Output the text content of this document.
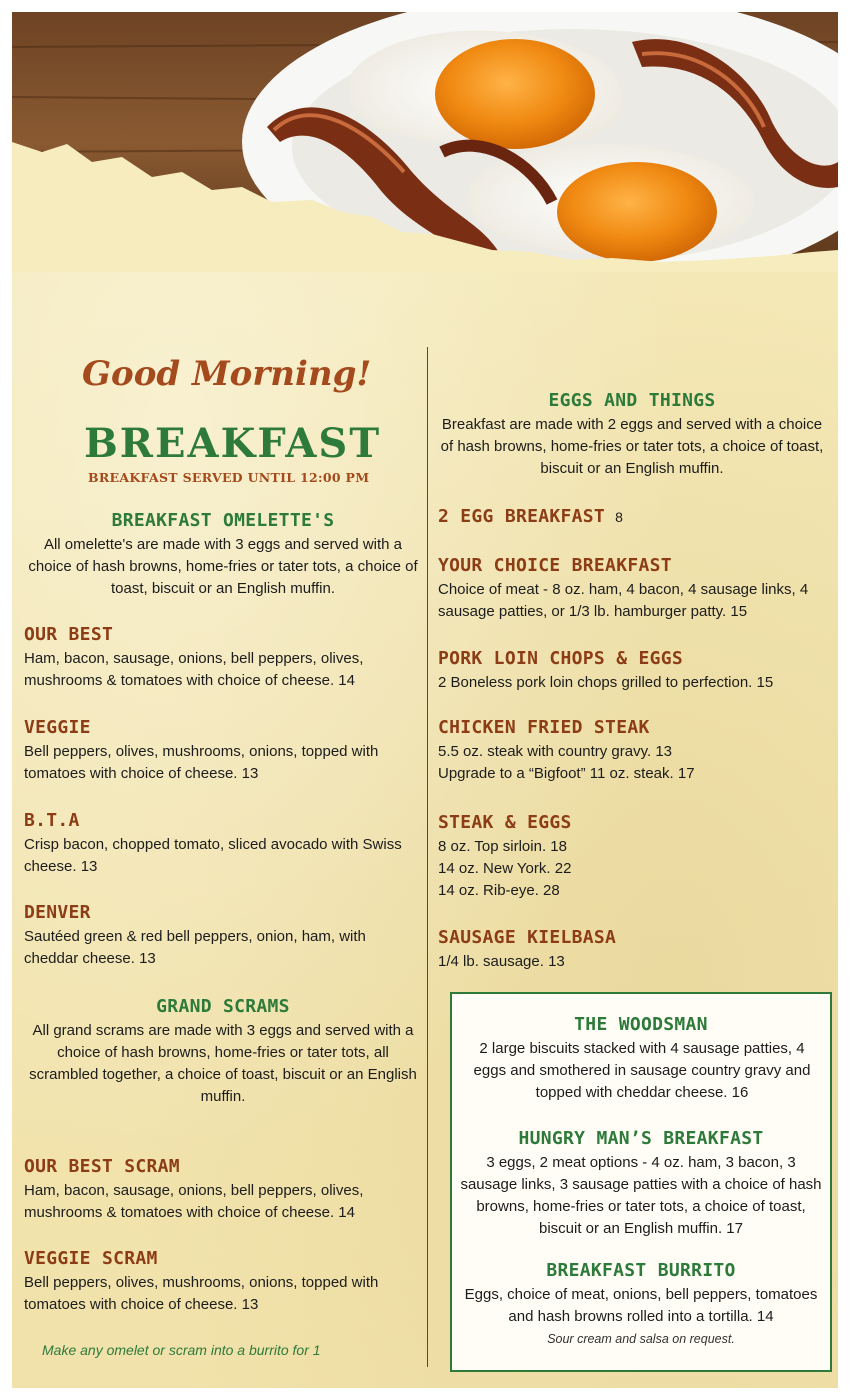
Good Morning!
BREAKFAST
BREAKFAST SERVED UNTIL 12:00 PM
BREAKFAST OMELETTE'S
All omelette's are made with 3 eggs and served with a choice of hash browns, home-fries or tater tots, a choice of toast, biscuit or an English muffin.
OUR BEST
Ham, bacon, sausage, onions, bell peppers, olives, mushrooms & tomatoes with choice of cheese. 14
VEGGIE
Bell peppers, olives, mushrooms, onions, topped with tomatoes with choice of cheese. 13
B.T.A
Crisp bacon, chopped tomato, sliced avocado with Swiss cheese. 13
DENVER
Sautéed green & red bell peppers, onion, ham, with cheddar cheese. 13
GRAND SCRAMS
All grand scrams are made with 3 eggs and served with a choice of hash browns, home-fries or tater tots, all scrambled together, a choice of toast, biscuit or an English muffin.
OUR BEST SCRAM
Ham, bacon, sausage, onions, bell peppers, olives, mushrooms & tomatoes with choice of cheese. 14
VEGGIE SCRAM
Bell peppers, olives, mushrooms, onions, topped with tomatoes with choice of cheese. 13
Make any omelet or scram into a burrito for 1
EGGS AND THINGS
Breakfast are made with 2 eggs and served with a choice of hash browns, home-fries or tater tots, a choice of toast, biscuit or an English muffin.
2 EGG BREAKFAST 8
YOUR CHOICE BREAKFAST
Choice of meat - 8 oz. ham, 4 bacon, 4 sausage links, 4 sausage patties, or 1/3 lb. hamburger patty. 15
PORK LOIN CHOPS & EGGS
2 Boneless pork loin chops grilled to perfection. 15
CHICKEN FRIED STEAK
5.5 oz. steak with country gravy. 13
Upgrade to a “Bigfoot” 11 oz. steak. 17
STEAK & EGGS
8 oz. Top sirloin. 18
14 oz. New York. 22
14 oz. Rib-eye. 28
SAUSAGE KIELBASA
1/4 lb. sausage. 13
THE WOODSMAN
2 large biscuits stacked with 4 sausage patties, 4 eggs and smothered in sausage country gravy and topped with cheddar cheese. 16
HUNGRY MAN’S BREAKFAST
3 eggs, 2 meat options - 4 oz. ham, 3 bacon, 3 sausage links, 3 sausage patties with a choice of hash browns, home-fries or tater tots, a choice of toast, biscuit or an English muffin. 17
BREAKFAST BURRITO
Eggs, choice of meat, onions, bell peppers, tomatoes and hash browns rolled into a tortilla. 14
Sour cream and salsa on request.
